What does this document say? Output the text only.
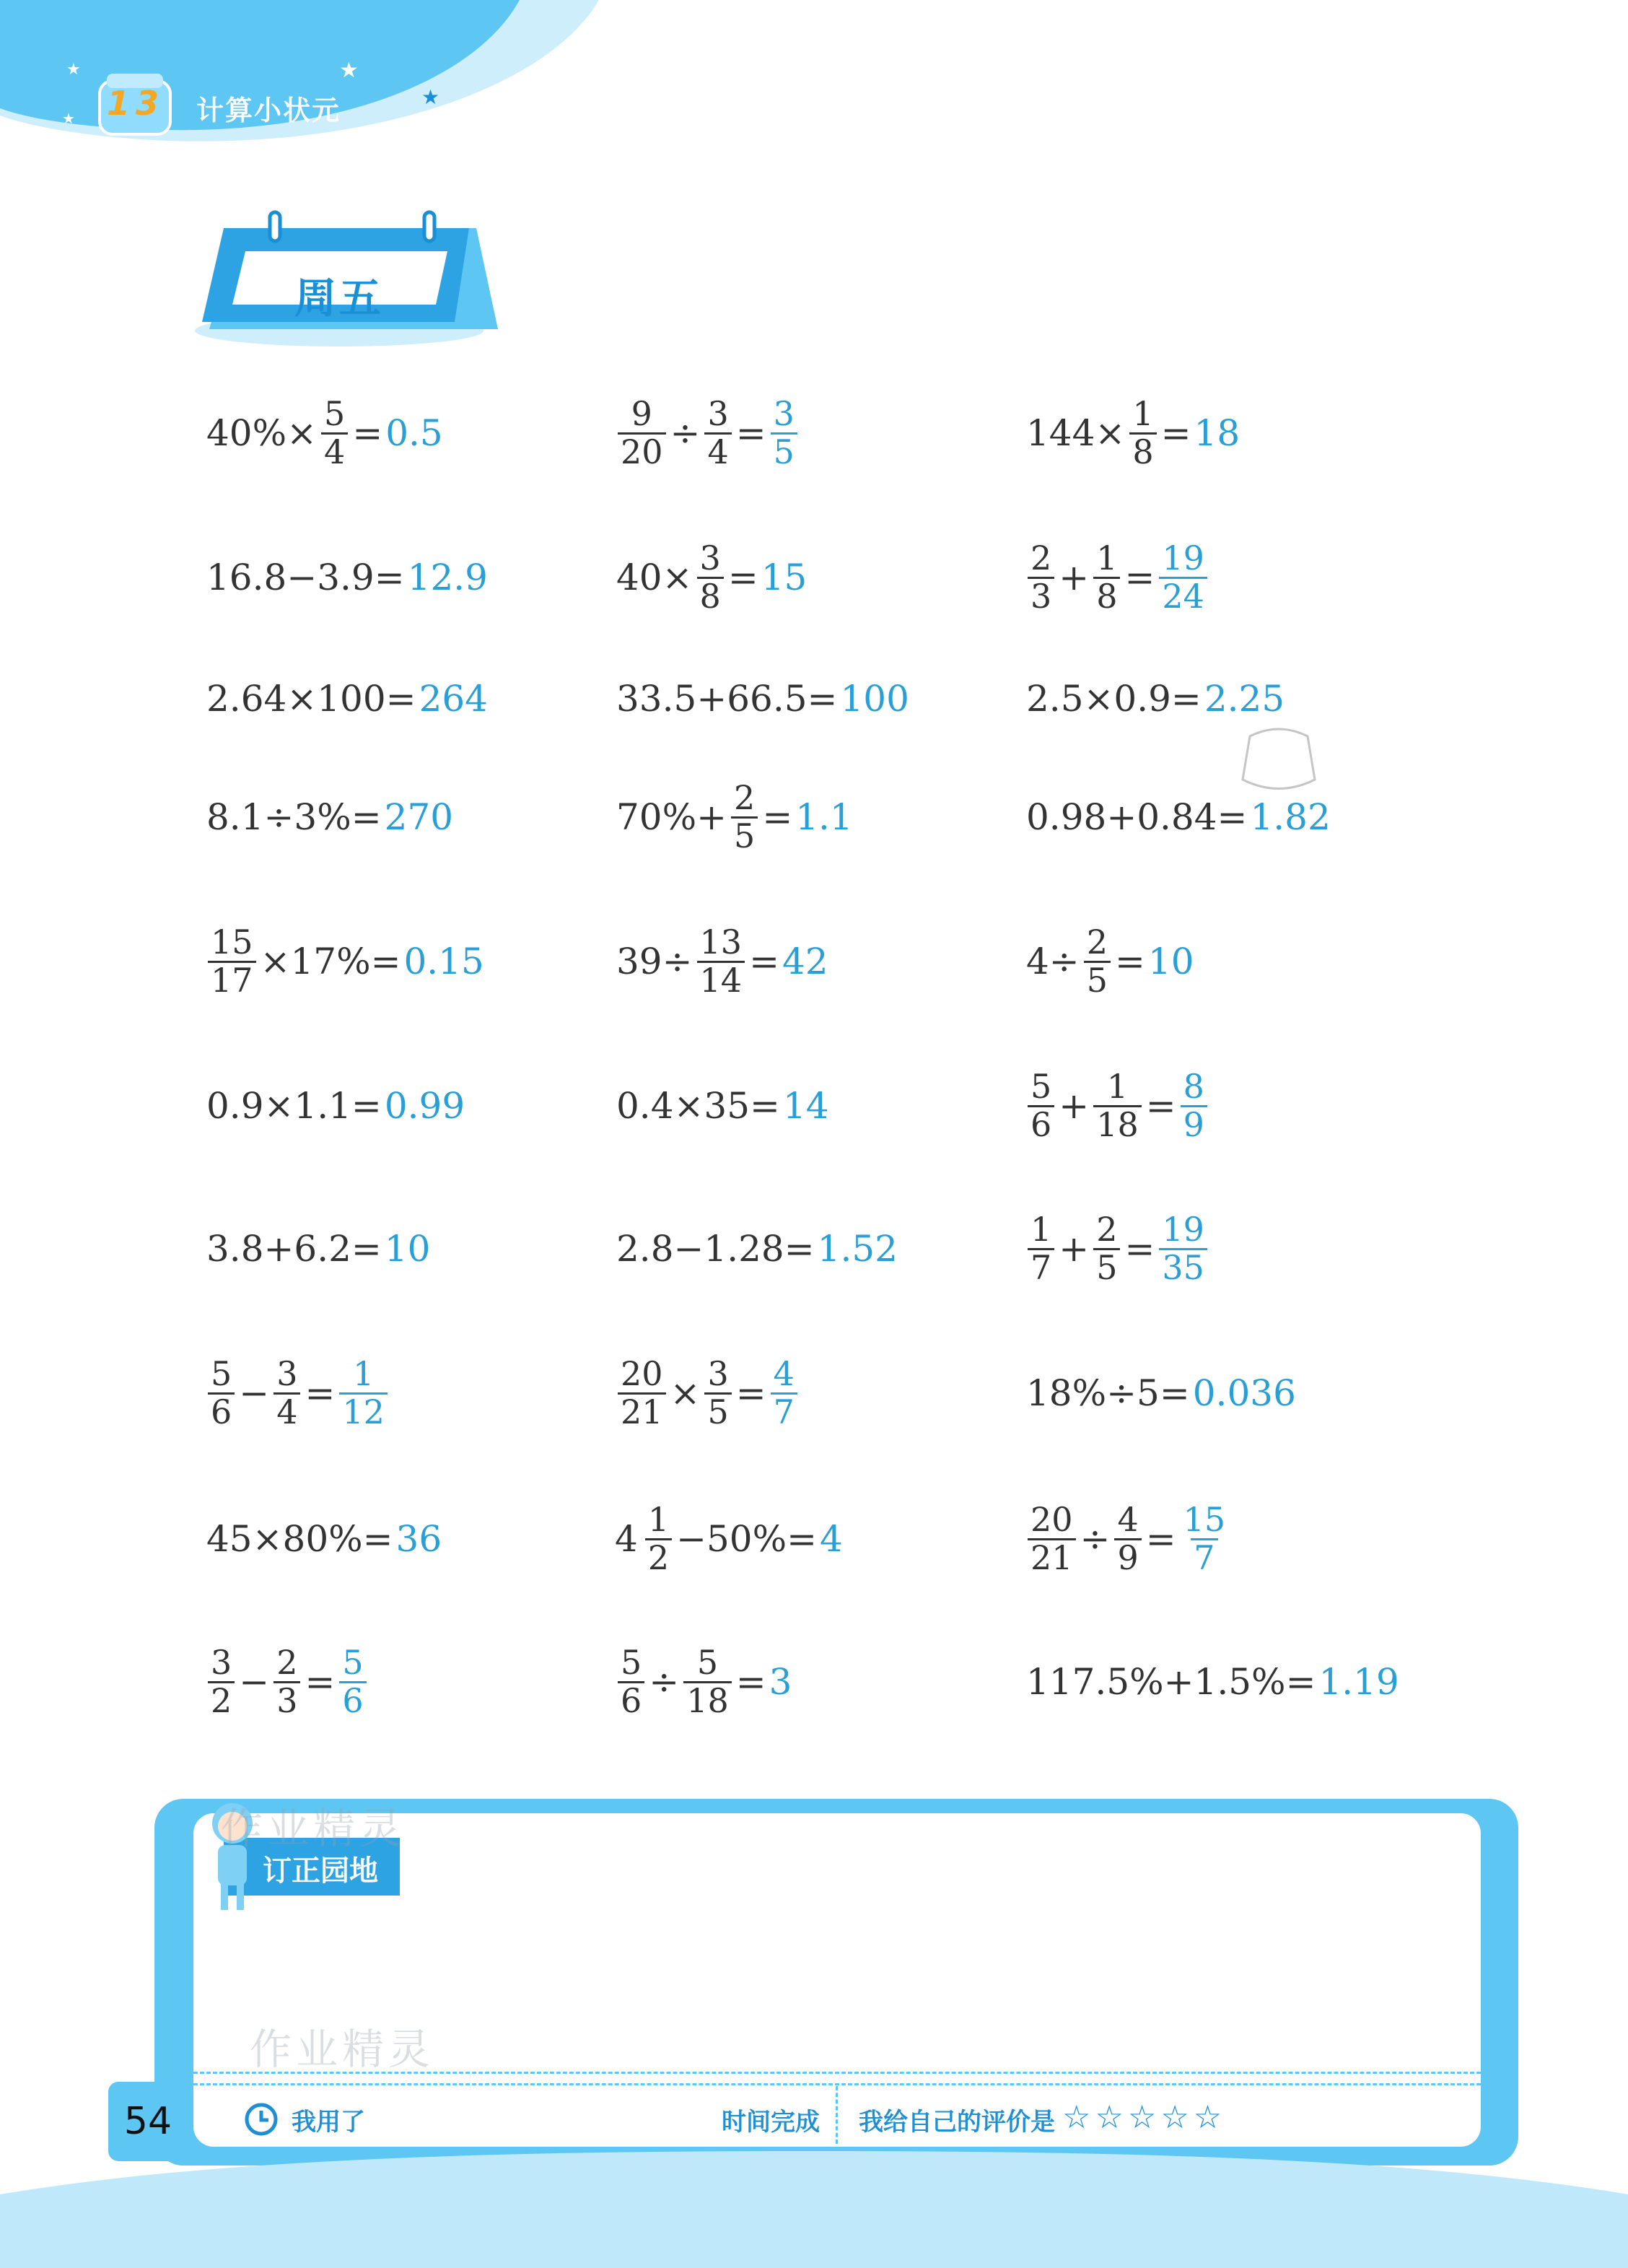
★	★
★
★
13 计算小状元
周五
$40\%\times \frac{5}{4} = 0.5$	$\frac{9}{20} \div \frac{3}{4} = \frac{3}{5}$	$144\times \frac{1}{8} = 18$
16.8−3.9= 12.9	$40\times \frac{3}{8} = 15$	$\frac{2}{3} + \frac{1}{8} = \frac{19}{24}$
2.64×100= 264	33.5+66.5= 100	2.5×0.9= 2.25
8.1÷3%= 270	$70\%+ \frac{2}{5} = 1.1$	0.98+0.84= 1.82
$\frac{15}{17} \times 17\%= 0.15$	$39\div \frac{13}{14} = 42$	$4\div \frac{2}{5} = 10$
0.9×1.1= 0.99	0.4×35= 14	$\frac{5}{6} + \frac{1}{18} = \frac{8}{9}$
3.8+6.2= 10	2.8−1.28= 1.52	$\frac{1}{7} + \frac{2}{5} = \frac{19}{35}$
$\frac{5}{6} - \frac{3}{4} = \frac{1}{12}$	$\frac{20}{21} \times \frac{3}{5} = \frac{4}{7}$	18%÷5= 0.036
45×80%= 36	$4 \frac{1}{2} -50\%= 4$	$\frac{20}{21} \div \frac{4}{9} = \frac{15}{7}$
$\frac{3}{2} - \frac{2}{3} = \frac{5}{6}$	$\frac{5}{6} \div \frac{5}{18} = 3$	117.5%+1.5%= 1.19
订正园地
作业精灵
作业精灵
我用了	时间完成 我给自己的评价是 ☆☆☆☆☆
54
